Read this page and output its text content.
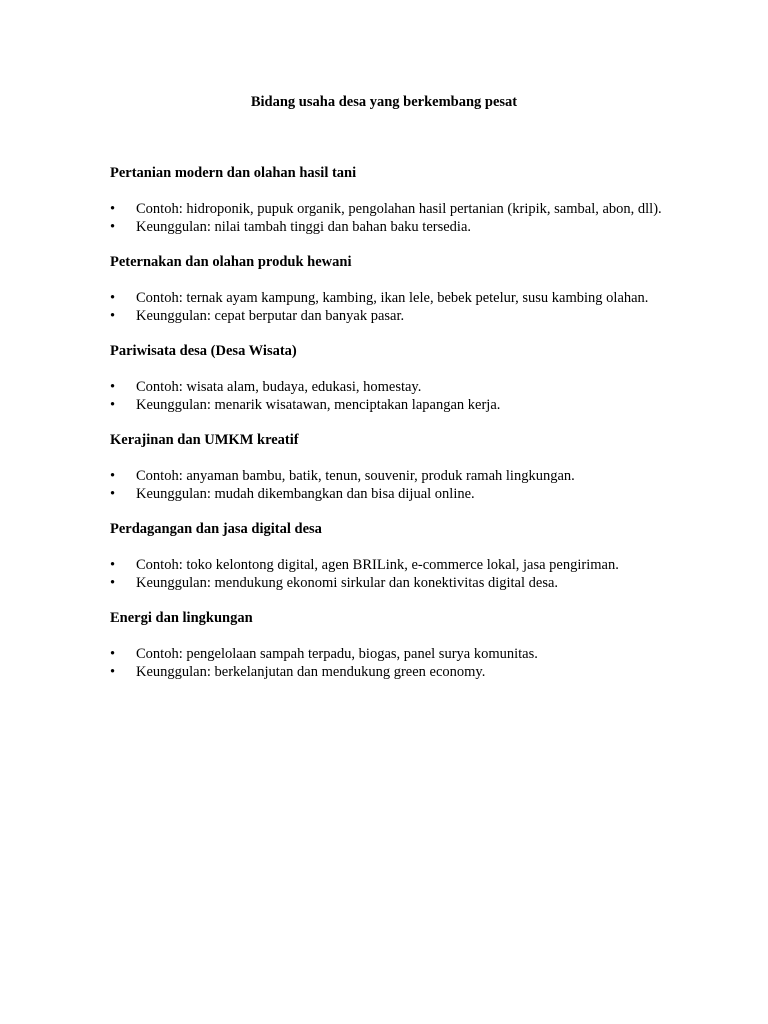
Bidang usaha desa yang berkembang pesat

Pertanian modern dan olahan hasil tani

•	Contoh: hidroponik, pupuk organik, pengolahan hasil pertanian (kripik, sambal, abon, dll).
•	Keunggulan: nilai tambah tinggi dan bahan baku tersedia.

Peternakan dan olahan produk hewani

•	Contoh: ternak ayam kampung, kambing, ikan lele, bebek petelur, susu kambing olahan.
•	Keunggulan: cepat berputar dan banyak pasar.

Pariwisata desa (Desa Wisata)

•	Contoh: wisata alam, budaya, edukasi, homestay.
•	Keunggulan: menarik wisatawan, menciptakan lapangan kerja.

Kerajinan dan UMKM kreatif

•	Contoh: anyaman bambu, batik, tenun, souvenir, produk ramah lingkungan.
•	Keunggulan: mudah dikembangkan dan bisa dijual online.

Perdagangan dan jasa digital desa

•	Contoh: toko kelontong digital, agen BRILink, e-commerce lokal, jasa pengiriman.
•	Keunggulan: mendukung ekonomi sirkular dan konektivitas digital desa.

Energi dan lingkungan

•	Contoh: pengelolaan sampah terpadu, biogas, panel surya komunitas.
•	Keunggulan: berkelanjutan dan mendukung green economy.
